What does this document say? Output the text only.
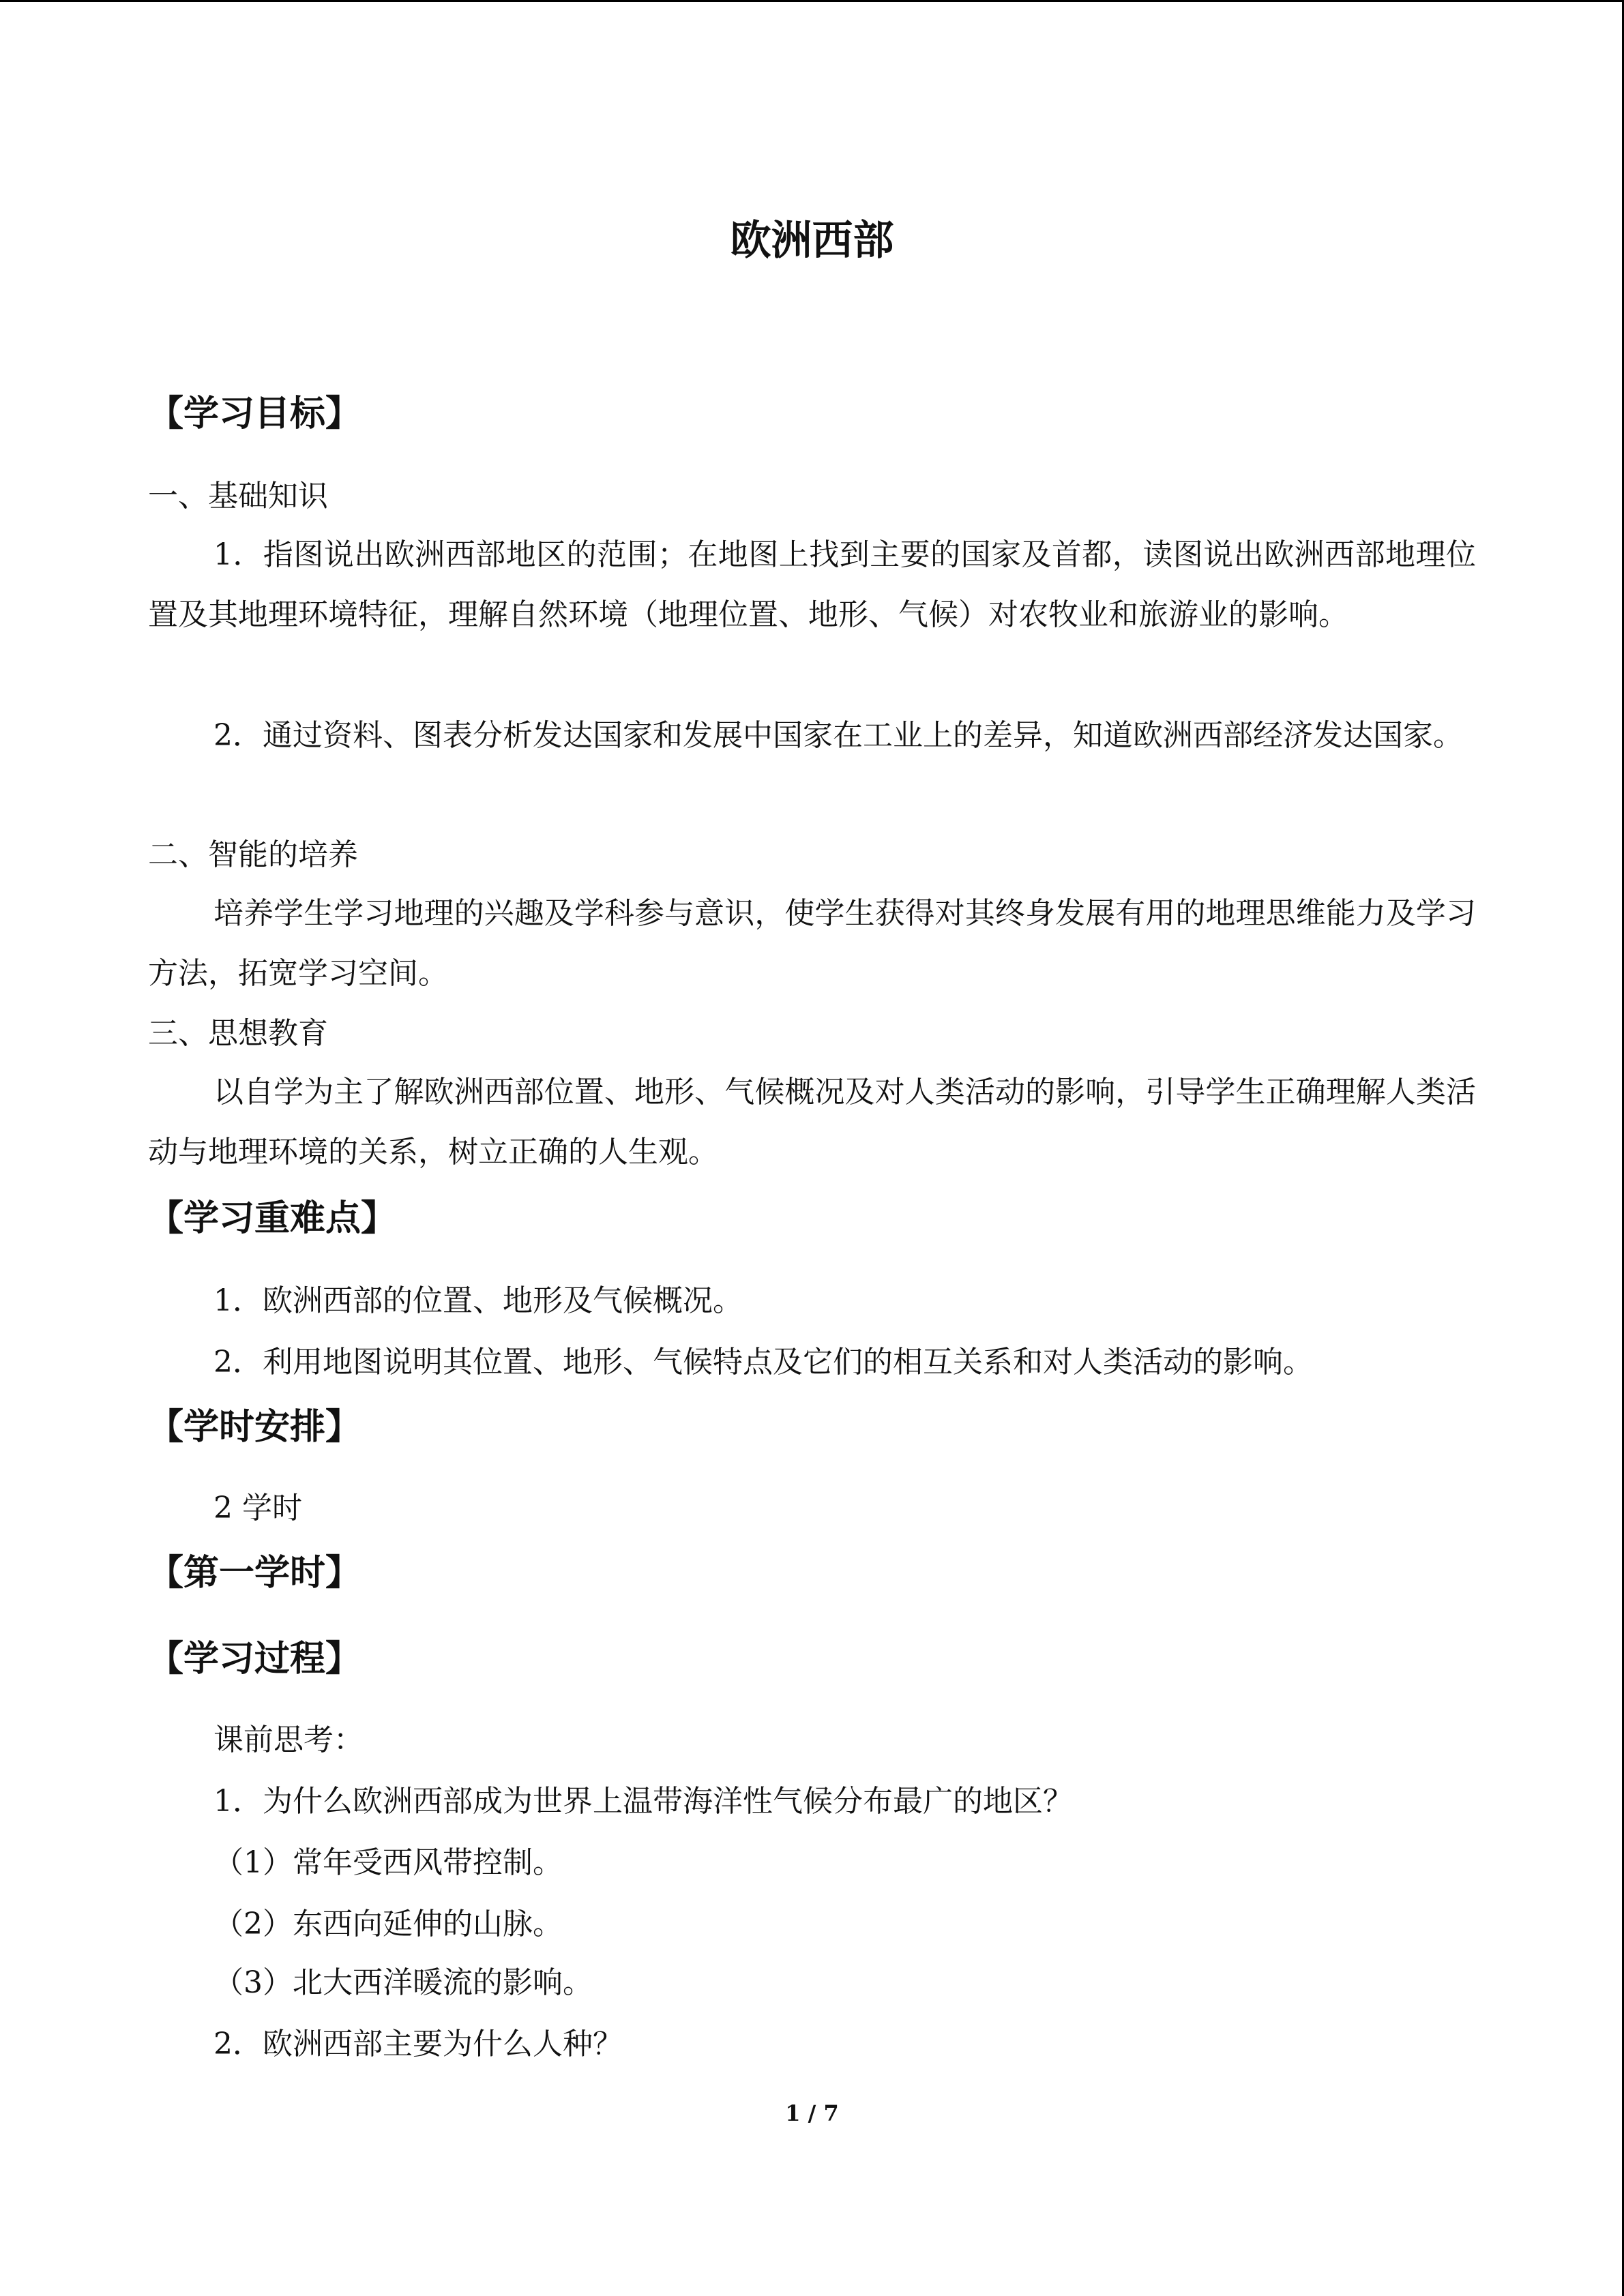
欧洲西部
【学习目标】
一、基础知识
1．指图说出欧洲西部地区的范围；在地图上找到主要的国家及首都，读图说出欧洲西部地理位置及其地理环境特征，理解自然环境（地理位置、地形、气候）对农牧业和旅游业的影响。
2．通过资料、图表分析发达国家和发展中国家在工业上的差异，知道欧洲西部经济发达国家。
二、智能的培养
培养学生学习地理的兴趣及学科参与意识，使学生获得对其终身发展有用的地理思维能力及学习方法，拓宽学习空间。
三、思想教育
以自学为主了解欧洲西部位置、地形、气候概况及对人类活动的影响，引导学生正确理解人类活动与地理环境的关系，树立正确的人生观。
【学习重难点】
1．欧洲西部的位置、地形及气候概况。
2．利用地图说明其位置、地形、气候特点及它们的相互关系和对人类活动的影响。
【学时安排】
2 学时
【第一学时】
【学习过程】
课前思考：
1．为什么欧洲西部成为世界上温带海洋性气候分布最广的地区？
（1）常年受西风带控制。
（2）东西向延伸的山脉。
（3）北大西洋暖流的影响。
2．欧洲西部主要为什么人种？
1 / 7
